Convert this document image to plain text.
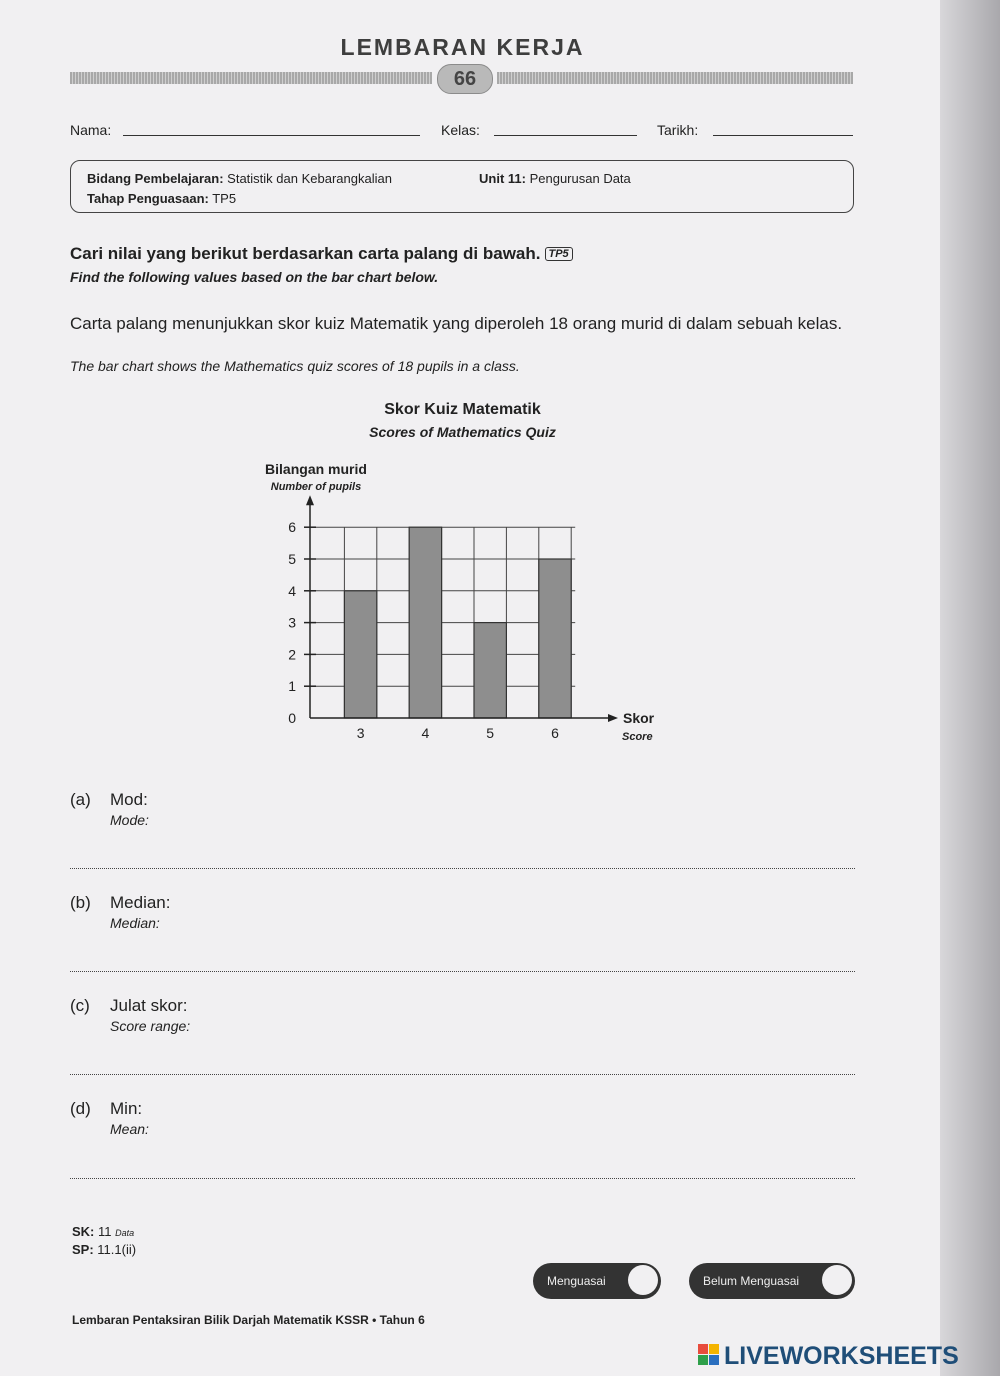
LEMBARAN KERJA
66
Nama:	Kelas:	Tarikh:
Bidang Pembelajaran: Statistik dan Kebarangkalian	Unit 11: Pengurusan Data
Tahap Penguasaan: TP5
Cari nilai yang berikut berdasarkan carta palang di bawah. TP5
Find the following values based on the bar chart below.
Carta palang menunjukkan skor kuiz Matematik yang diperoleh 18 orang murid di dalam sebuah kelas.
The bar chart shows the Mathematics quiz scores of 18 pupils in a class.
Skor Kuiz Matematik
Scores of Mathematics Quiz
Bilangan murid
Number of pupils
Skor
Score
3	4	5	6
0
1
2
3
4
5
6
(a) Mod:
Mode:
(b) Median:
Median:
(c) Julat skor:
Score range:
(d) Min:
Mean:
SK: 11 Data
SP: 11.1(ii)
Menguasai	Belum Menguasai
Lembaran Pentaksiran Bilik Darjah Matematik KSSR • Tahun 6
LIVEWORKSHEETS
